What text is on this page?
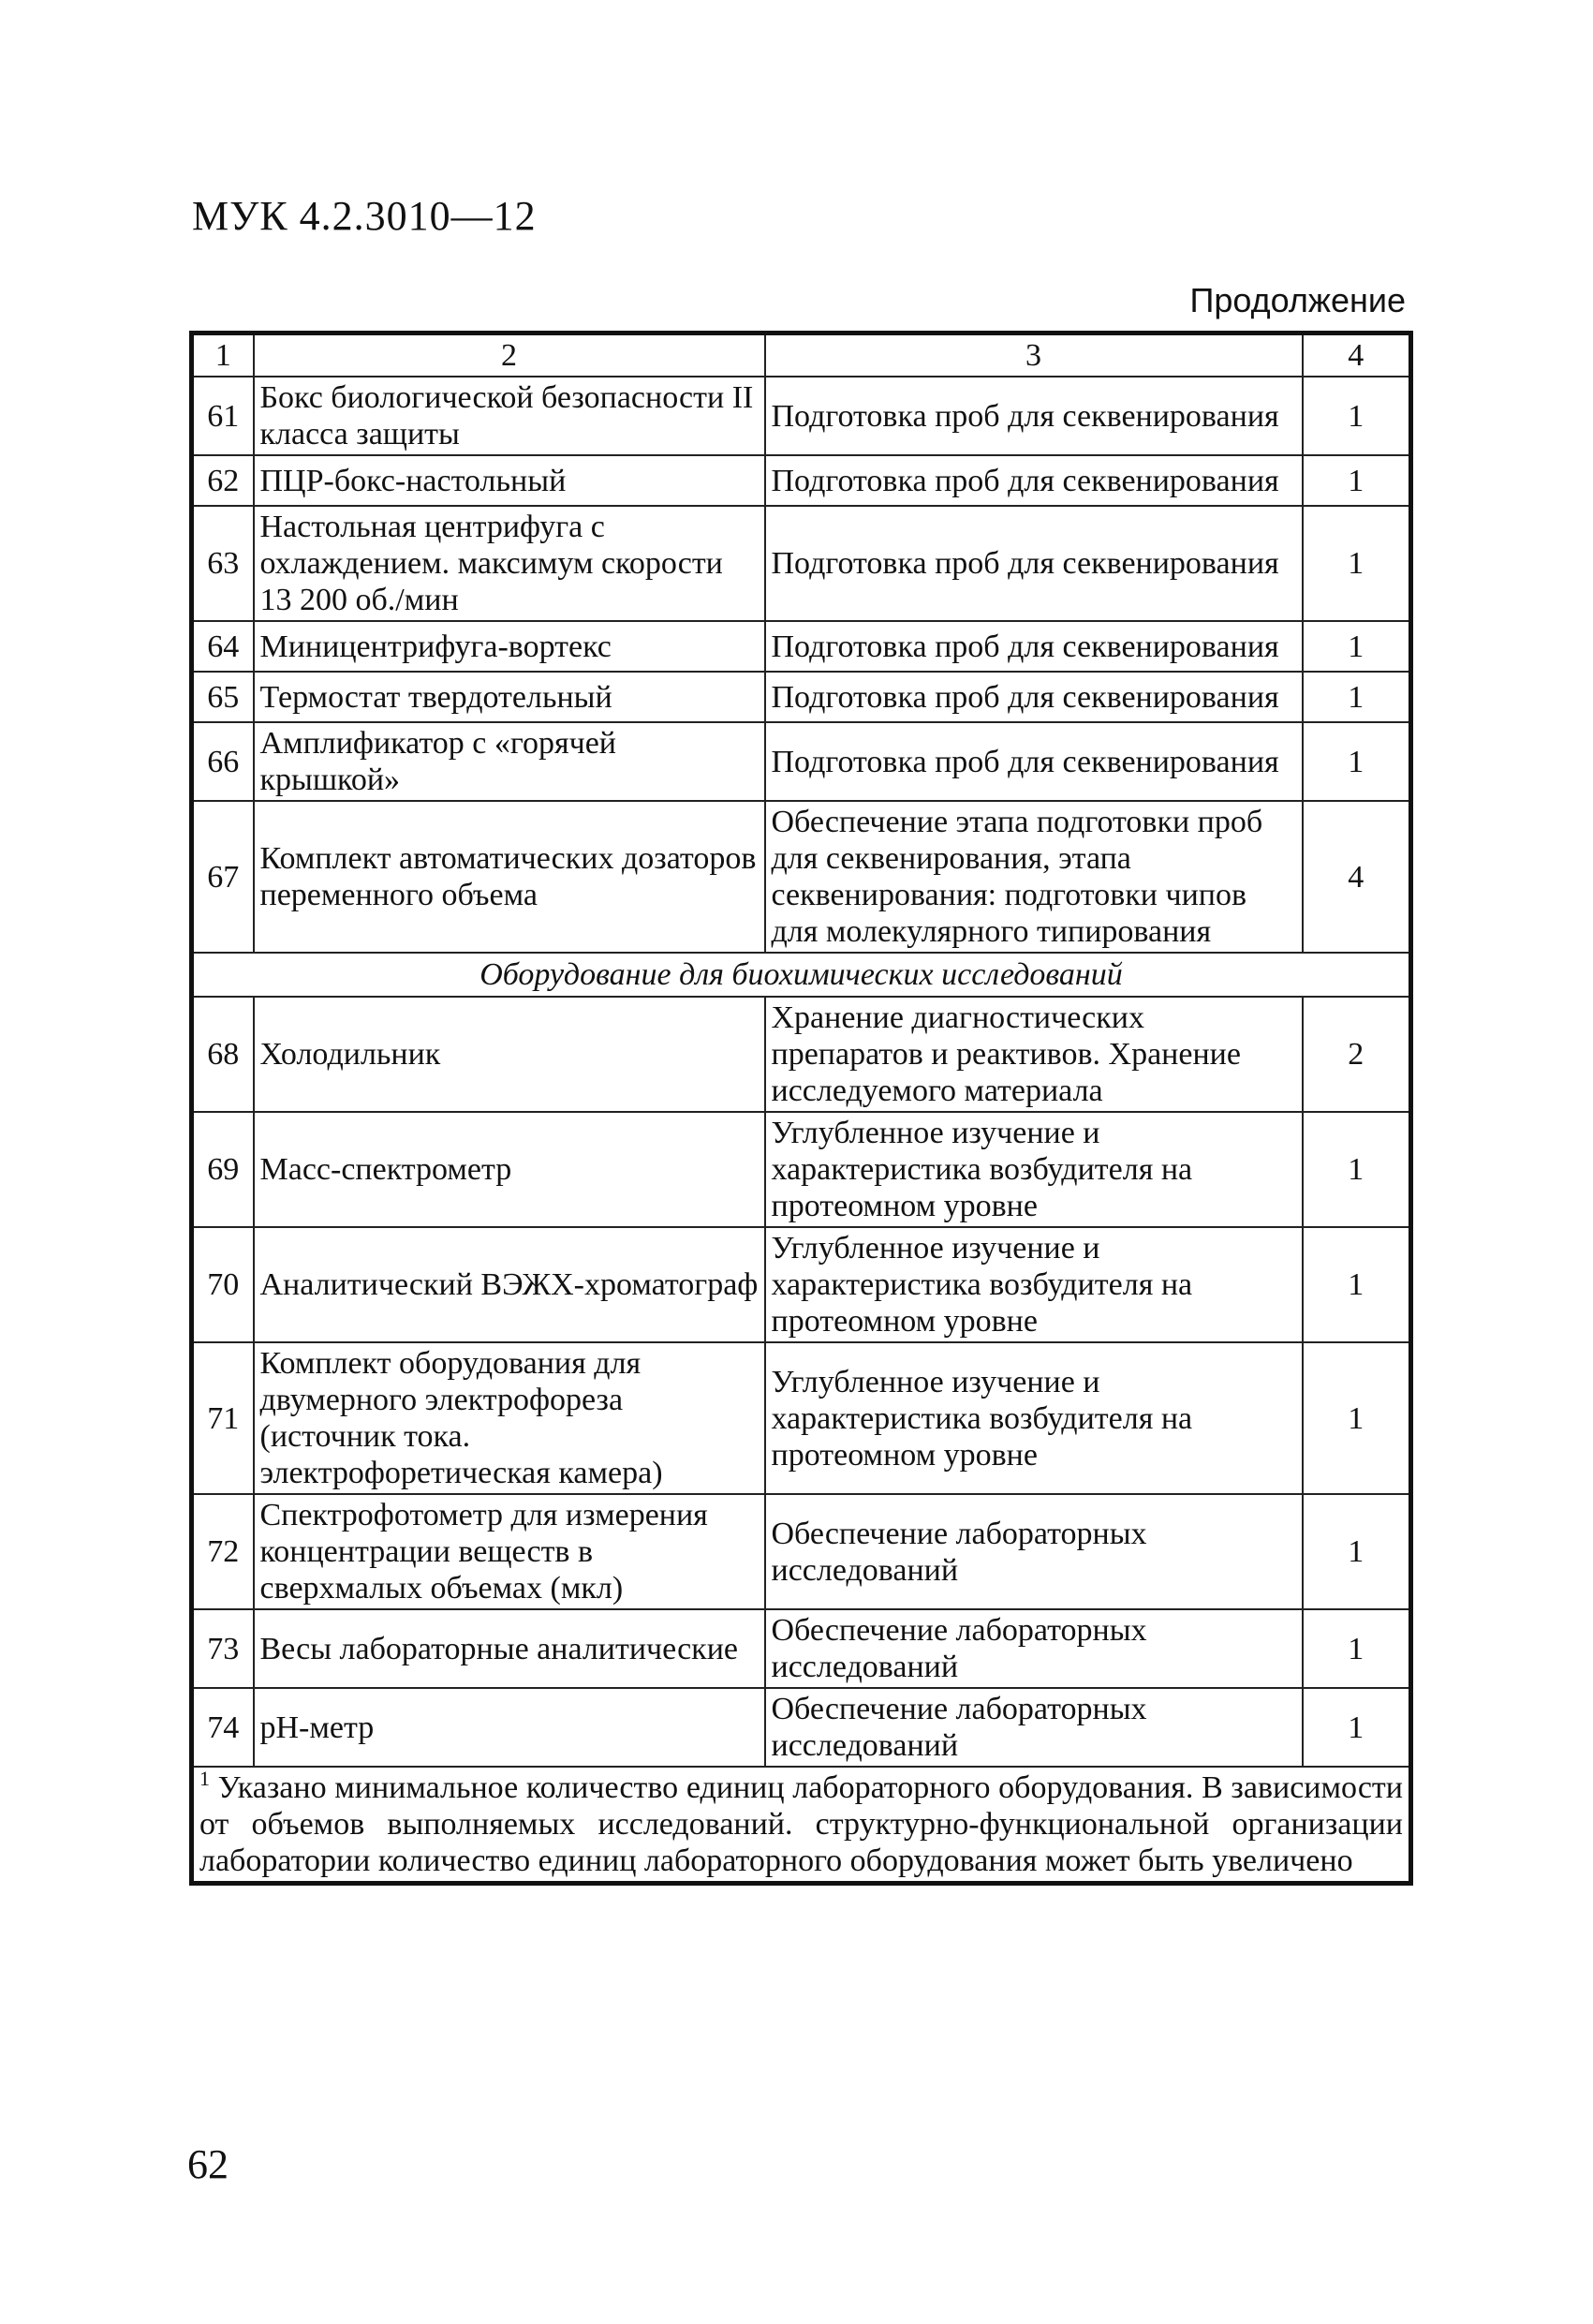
МУК 4.2.3010—12
Продолжение
1	2	3	4
61	Бокс биологической безопасности II класса защиты	Подготовка проб для секвенирования	1
62	ПЦР-бокс-настольный	Подготовка проб для секвенирования	1
63	Настольная центрифуга с охлаждением. максимум скорости 13 200 об./мин	Подготовка проб для секвенирования	1
64	Миницентрифуга-вортекс	Подготовка проб для секвенирования	1
65	Термостат твердотельный	Подготовка проб для секвенирования	1
66	Амплификатор с «горячей крышкой»	Подготовка проб для секвенирования	1
67	Комплект автоматических дозаторов переменного объема	Обеспечение этапа подготовки проб для секвенирования, этапа секвенирования: подготовки чипов для молекулярного типирования	4
Оборудование для биохимических исследований			
68	Холодильник	Хранение диагностических препаратов и реактивов. Хранение исследуемого материала	2
69	Масс-спектрометр	Углубленное изучение и характеристика возбудителя на протеомном уровне	1
70	Аналитический ВЭЖХ-хроматограф	Углубленное изучение и характеристика возбудителя на протеомном уровне	1
71	Комплект оборудования для двумерного электрофореза (источник тока. электрофоретическая камера)	Углубленное изучение и характеристика возбудителя на протеомном уровне	1
72	Спектрофотометр для измерения концентрации веществ в сверхмалых объемах (мкл)	Обеспечение лабораторных исследований	1
73	Весы лабораторные аналитические	Обеспечение лабораторных исследований	1
74	рН-метр	Обеспечение лабораторных исследований	1
$^1$ Указано минимальное количество единиц лабораторного оборудования. В зависимости от объемов выполняемых исследований. структурно-функциональной организации лаборатории количество единиц лабораторного оборудования может быть увеличено			
62
